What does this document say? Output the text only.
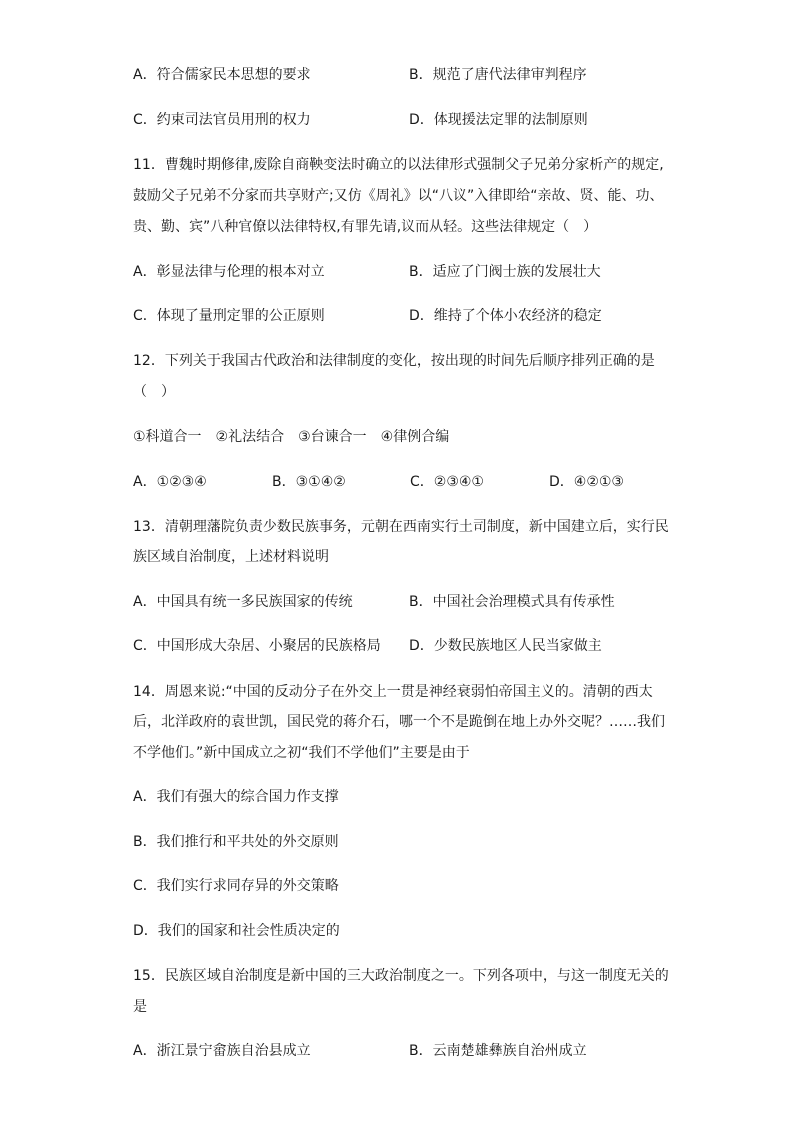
A．符合儒家民本思想的要求	B．规范了唐代法律审判程序
C．约束司法官员用刑的权力	D．体现援法定罪的法制原则
11．曹魏时期修律,废除自商鞅变法时确立的以法律形式强制父子兄弟分家析产的规定,
鼓励父子兄弟不分家而共享财产;又仿《周礼》以“八议”入律即给“亲故、贤、能、功、
贵、勤、宾”八种官僚以法律特权,有罪先请,议而从轻。这些法律规定（　）
A．彰显法律与伦理的根本对立	B．适应了门阀士族的发展壮大
C．体现了量刑定罪的公正原则	D．维持了个体小农经济的稳定
12．下列关于我国古代政治和法律制度的变化，按出现的时间先后顺序排列正确的是
（　）
①科道合一　②礼法结合　③台谏合一　④律例合编
A．①②③④	B．③①④②	C．②③④①	D．④②①③
13．清朝理藩院负责少数民族事务，元朝在西南实行土司制度，新中国建立后，实行民
族区域自治制度，上述材料说明
A．中国具有统一多民族国家的传统	B．中国社会治理模式具有传承性
C．中国形成大杂居、小聚居的民族格局 D．少数民族地区人民当家做主
14．周恩来说:“中国的反动分子在外交上一贯是神经衰弱怕帝国主义的。清朝的西太
后，北洋政府的袁世凯，国民党的蒋介石，哪一个不是跪倒在地上办外交呢？……我们
不学他们。”新中国成立之初“我们不学他们”主要是由于
A．我们有强大的综合国力作支撑
B．我们推行和平共处的外交原则
C．我们实行求同存异的外交策略
D．我们的国家和社会性质决定的
15．民族区域自治制度是新中国的三大政治制度之一。下列各项中，与这一制度无关的
是
A．浙江景宁畲族自治县成立	B．云南楚雄彝族自治州成立
